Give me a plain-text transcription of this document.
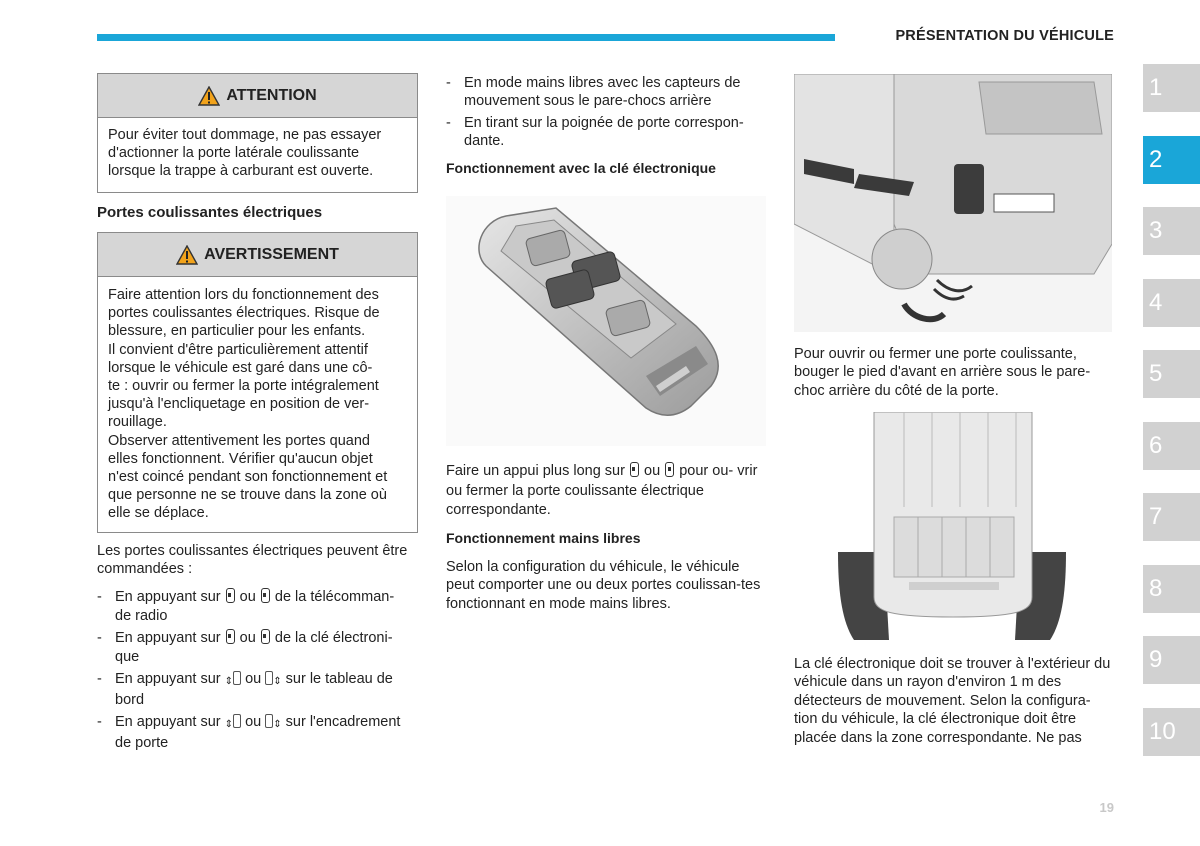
PRÉSENTATION DU VÉHICULE
1
2
3
4
5
6
7
8
9
10
ATTENTION
Pour éviter tout dommage, ne pas essayer d'actionner la porte latérale coulissante lorsque la trappe à carburant est ouverte.
Portes coulissantes électriques
AVERTISSEMENT
Faire attention lors du fonctionnement des
portes coulissantes électriques. Risque de
blessure, en particulier pour les enfants.
Il convient d'être particulièrement attentif
lorsque le véhicule est garé dans une cô-
te : ouvrir ou fermer la porte intégralement
jusqu'à l'encliquetage en position de ver-
rouillage.
Observer attentivement les portes quand
elles fonctionnent. Vérifier qu'aucun objet
n'est coincé pendant son fonctionnement et
que personne ne se trouve dans la zone où
elle se déplace.
Les portes coulissantes électriques peuvent être commandées :
- En appuyant sur ou de la télécomman-
de radio
- En appuyant sur ou de la clé électroni-
que
- En appuyant sur ⇕ ou ⇕ sur le tableau de
bord
- En appuyant sur ⇕ ou ⇕ sur l'encadrement
de porte
- En mode mains libres avec les capteurs de
mouvement sous le pare-chocs arrière
- En tirant sur la poignée de porte correspon-
dante.
Fonctionnement avec la clé électronique
Faire un appui plus long sur ou pour ou- vrir ou fermer la porte coulissante électrique correspondante.
Fonctionnement mains libres
Selon la configuration du véhicule, le véhicule peut comporter une ou deux portes coulissan-tes fonctionnant en mode mains libres.
Pour ouvrir ou fermer une porte coulissante, bouger le pied d'avant en arrière sous le pare-choc arrière du côté de la porte.
La clé électronique doit se trouver à l'extérieur du véhicule dans un rayon d'environ 1 m des détecteurs de mouvement. Selon la configura-tion du véhicule, la clé électronique doit être placée dans la zone correspondante. Ne pas
19
